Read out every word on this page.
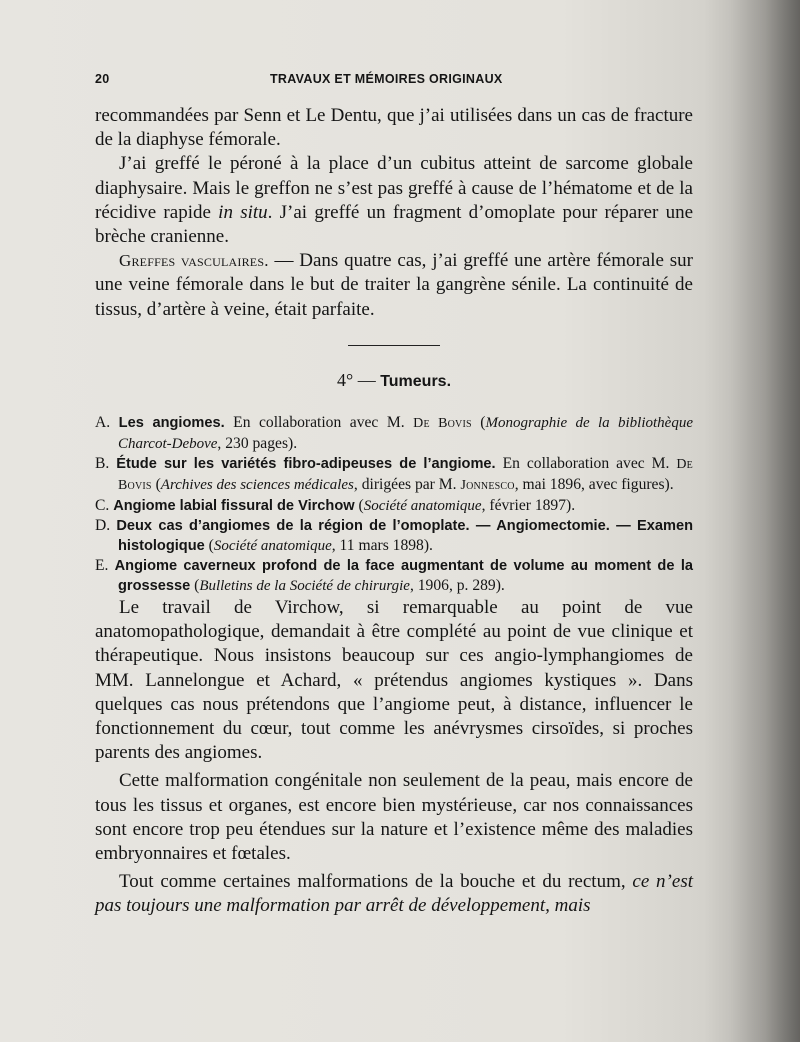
20	TRAVAUX ET MÉMOIRES ORIGINAUX

recommandées par Senn et Le Dentu, que j’ai utilisées dans un cas de fracture de la diaphyse fémorale.

J’ai greffé le péroné à la place d’un cubitus atteint de sarcome globale diaphysaire. Mais le greffon ne s’est pas greffé à cause de l’hématome et de la récidive rapide in situ. J’ai greffé un fragment d’omoplate pour réparer une brèche cranienne.

Greffes vasculaires. — Dans quatre cas, j’ai greffé une artère fémorale sur une veine fémorale dans le but de traiter la gangrène sénile. La continuité de tissus, d’artère à veine, était parfaite.

4° — Tumeurs.

A. Les angiomes. En collaboration avec M. De Bovis (Monographie de la bibliothèque Charcot-Debove, 230 pages).

B. Étude sur les variétés fibro-adipeuses de l’angiome. En collaboration avec M. De Bovis (Archives des sciences médicales, dirigées par M. Jonnesco, mai 1896, avec figures).

C. Angiome labial fissural de Virchow (Société anatomique, février 1897).

D. Deux cas d’angiomes de la région de l’omoplate. — Angiomectomie. — Examen histologique (Société anatomique, 11 mars 1898).

E. Angiome caverneux profond de la face augmentant de volume au moment de la grossesse (Bulletins de la Société de chirurgie, 1906, p. 289).

Le travail de Virchow, si remarquable au point de vue anatomopathologique, demandait à être complété au point de vue clinique et thérapeutique. Nous insistons beaucoup sur ces angio-lymphangiomes de MM. Lannelongue et Achard, « prétendus angiomes kystiques ». Dans quelques cas nous prétendons que l’angiome peut, à distance, influencer le fonctionnement du cœur, tout comme les anévrysmes cirsoïdes, si proches parents des angiomes.

Cette malformation congénitale non seulement de la peau, mais encore de tous les tissus et organes, est encore bien mystérieuse, car nos connaissances sont encore trop peu étendues sur la nature et l’existence même des maladies embryonnaires et fœtales.

Tout comme certaines malformations de la bouche et du rectum, ce n’est pas toujours une malformation par arrêt de développement, mais
